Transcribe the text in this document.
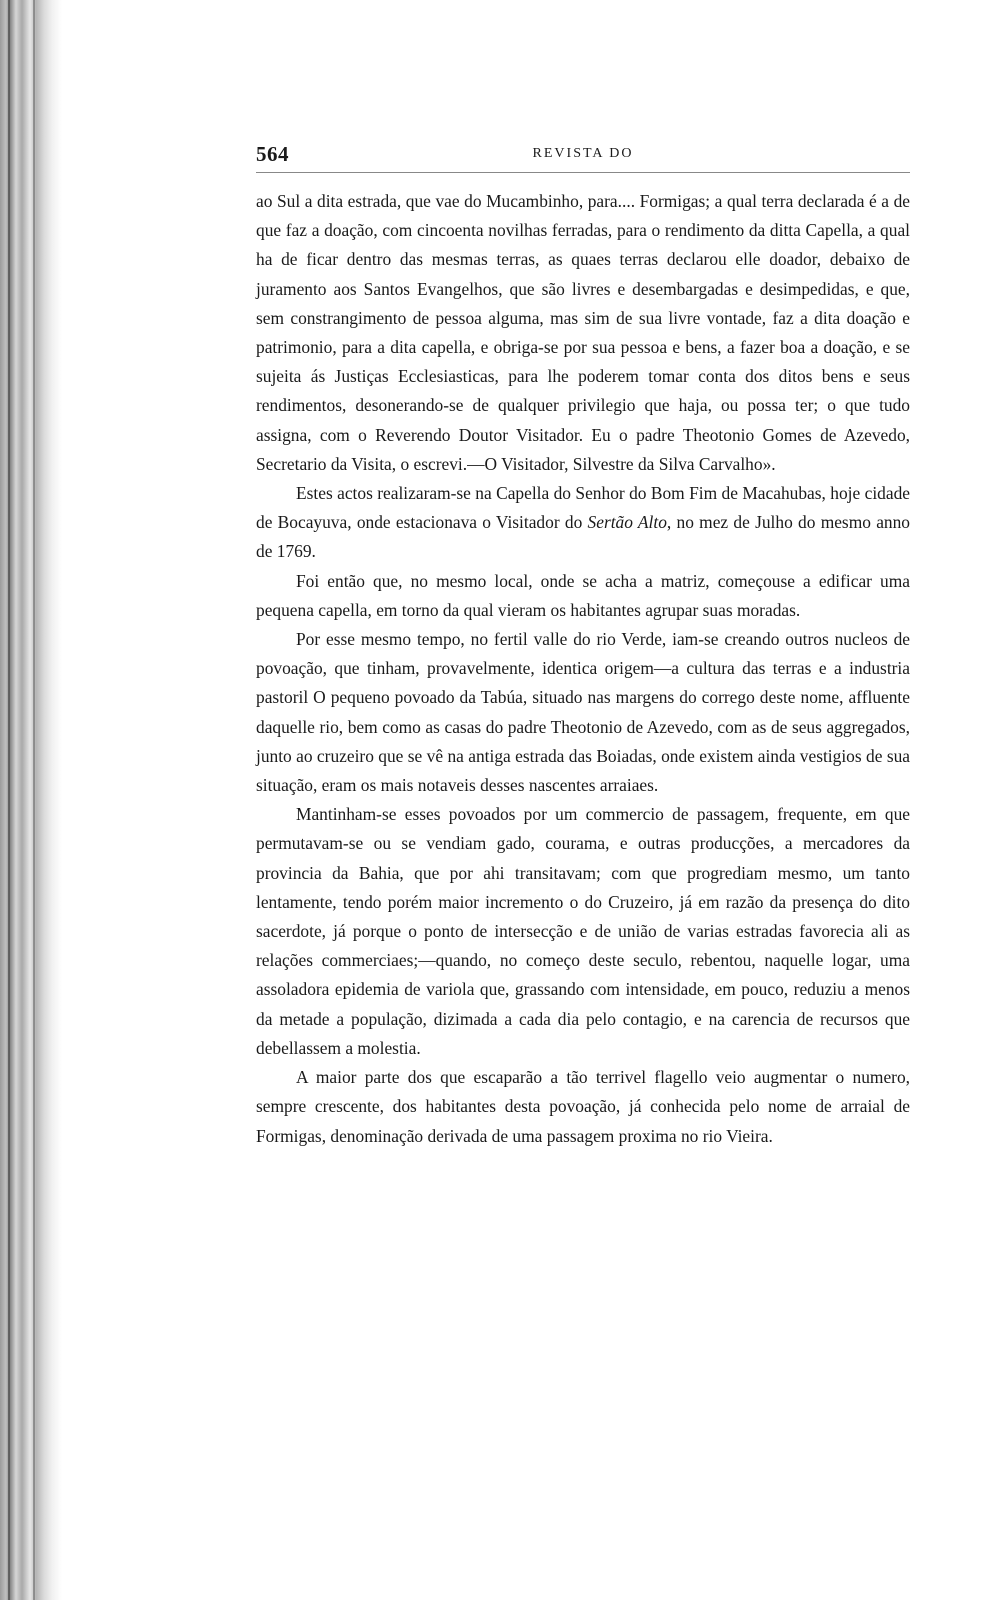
564	REVISTA DO

ao Sul a dita estrada, que vae do Mucambinho, para.... Formigas; a qual terra declarada é a de que faz a doação, com cincoenta novilhas ferradas, para o rendimento da ditta Capella, a qual ha de ficar dentro das mesmas terras, as quaes terras declarou elle doador, debaixo de juramento aos Santos Evangelhos, que são livres e desembargadas e desimpedidas, e que, sem constrangimento de pessoa alguma, mas sim de sua livre vontade, faz a dita doação e patrimonio, para a dita capella, e obriga-se por sua pessoa e bens, a fazer boa a doação, e se sujeita ás Justiças Ecclesiasticas, para lhe poderem tomar conta dos ditos bens e seus rendimentos, desonerando-se de qualquer privilegio que haja, ou possa ter; o que tudo assigna, com o Reverendo Doutor Visitador. Eu o padre Theotonio Gomes de Azevedo, Secretario da Visita, o escrevi.—O Visitador, Silvestre da Silva Carvalho».

Estes actos realizaram-se na Capella do Senhor do Bom Fim de Macahubas, hoje cidade de Bocayuva, onde estacionava o Visitador do Sertão Alto, no mez de Julho do mesmo anno de 1769.

Foi então que, no mesmo local, onde se acha a matriz, começouse a edificar uma pequena capella, em torno da qual vieram os habitantes agrupar suas moradas.

Por esse mesmo tempo, no fertil valle do rio Verde, iam-se creando outros nucleos de povoação, que tinham, provavelmente, identica origem—a cultura das terras e a industria pastoril O pequeno povoado da Tabúa, situado nas margens do corrego deste nome, affluente daquelle rio, bem como as casas do padre Theotonio de Azevedo, com as de seus aggregados, junto ao cruzeiro que se vê na antiga estrada das Boiadas, onde existem ainda vestigios de sua situação, eram os mais notaveis desses nascentes arraiaes.

Mantinham-se esses povoados por um commercio de passagem, frequente, em que permutavam-se ou se vendiam gado, courama, e outras producções, a mercadores da provincia da Bahia, que por ahi transitavam; com que progrediam mesmo, um tanto lentamente, tendo porém maior incremento o do Cruzeiro, já em razão da presença do dito sacerdote, já porque o ponto de intersecção e de união de varias estradas favorecia ali as relações commerciaes;—quando, no começo deste seculo, rebentou, naquelle logar, uma assoladora epidemia de variola que, grassando com intensidade, em pouco, reduziu a menos da metade a população, dizimada a cada dia pelo contagio, e na carencia de recursos que debellassem a molestia.

A maior parte dos que escaparão a tão terrivel flagello veio augmentar o numero, sempre crescente, dos habitantes desta povoação, já conhecida pelo nome de arraial de Formigas, denominação derivada de uma passagem proxima no rio Vieira.
